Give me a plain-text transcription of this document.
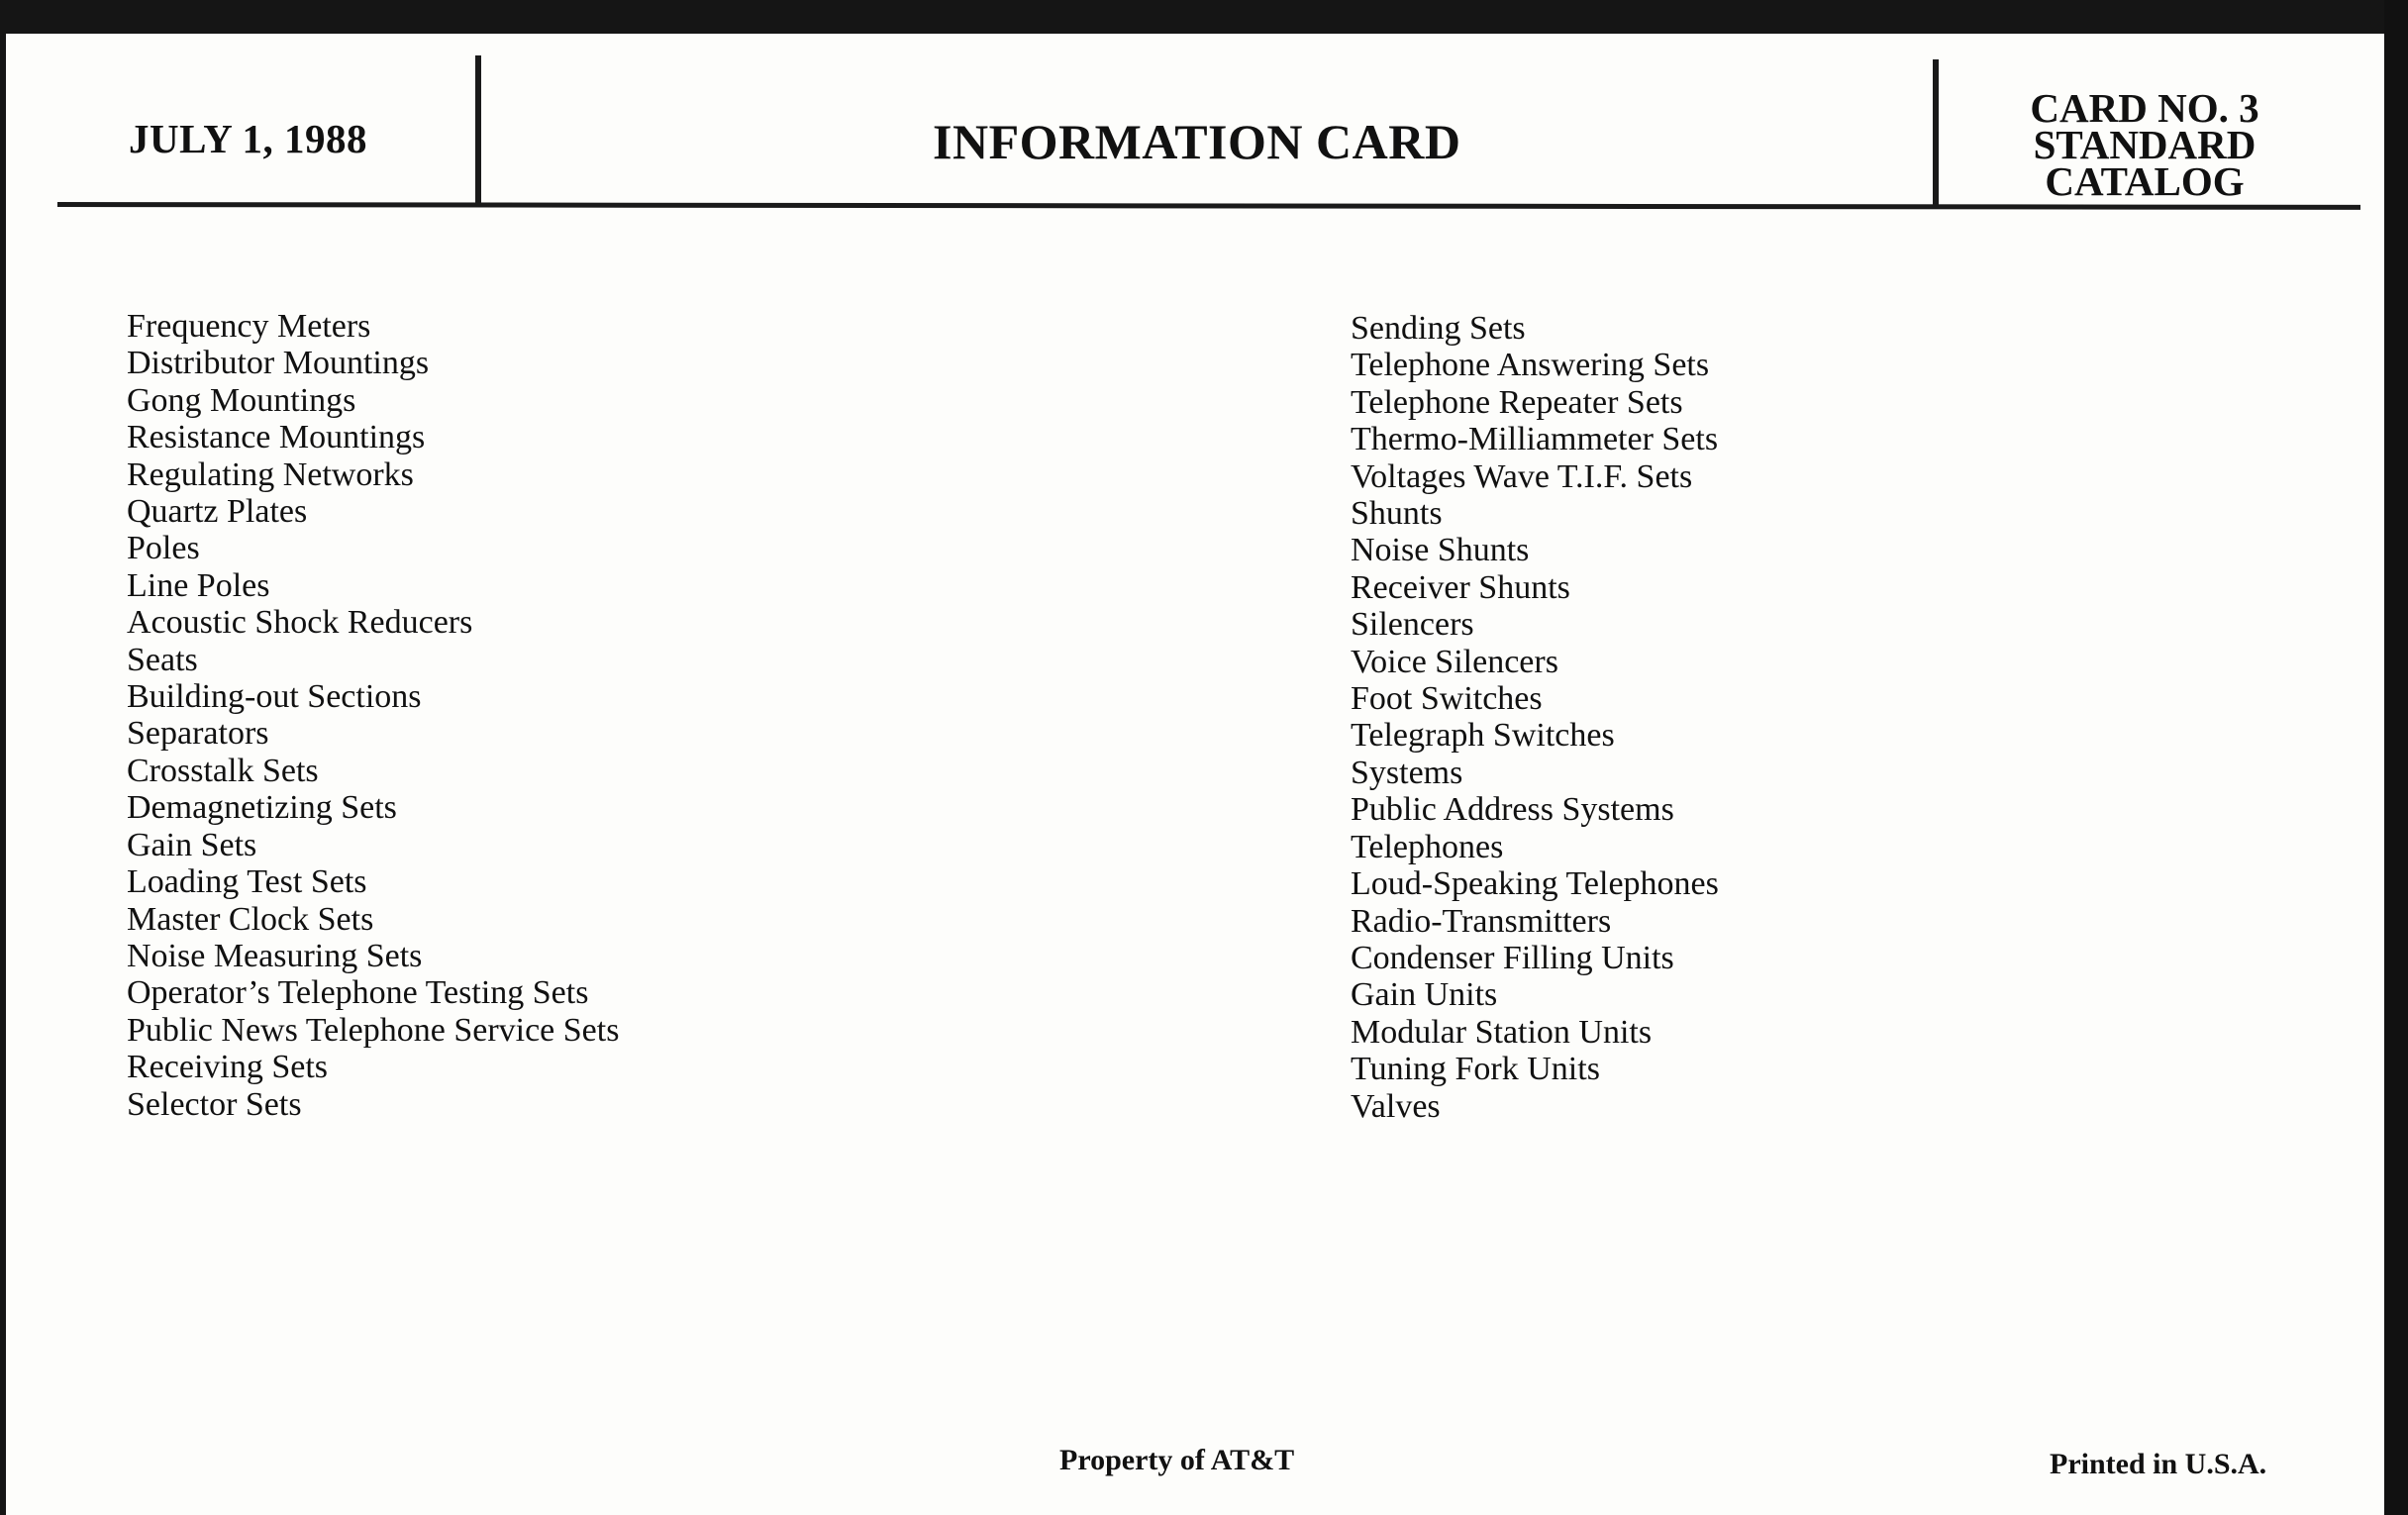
JULY 1, 1988	INFORMATION CARD
CARD NO. 3
STANDARD
CATALOG
Frequency Meters
Distributor Mountings
Gong Mountings
Resistance Mountings
Regulating Networks
Quartz Plates
Poles
Line Poles
Acoustic Shock Reducers
Seats
Building-out Sections
Separators
Crosstalk Sets
Demagnetizing Sets
Gain Sets
Loading Test Sets
Master Clock Sets
Noise Measuring Sets
Operator’s Telephone Testing Sets
Public News Telephone Service Sets
Receiving Sets
Selector Sets
Sending Sets
Telephone Answering Sets
Telephone Repeater Sets
Thermo-Milliammeter Sets
Voltages Wave T.I.F. Sets
Shunts
Noise Shunts
Receiver Shunts
Silencers
Voice Silencers
Foot Switches
Telegraph Switches
Systems
Public Address Systems
Telephones
Loud-Speaking Telephones
Radio-Transmitters
Condenser Filling Units
Gain Units
Modular Station Units
Tuning Fork Units
Valves
Property of AT&T	Printed in U.S.A.
